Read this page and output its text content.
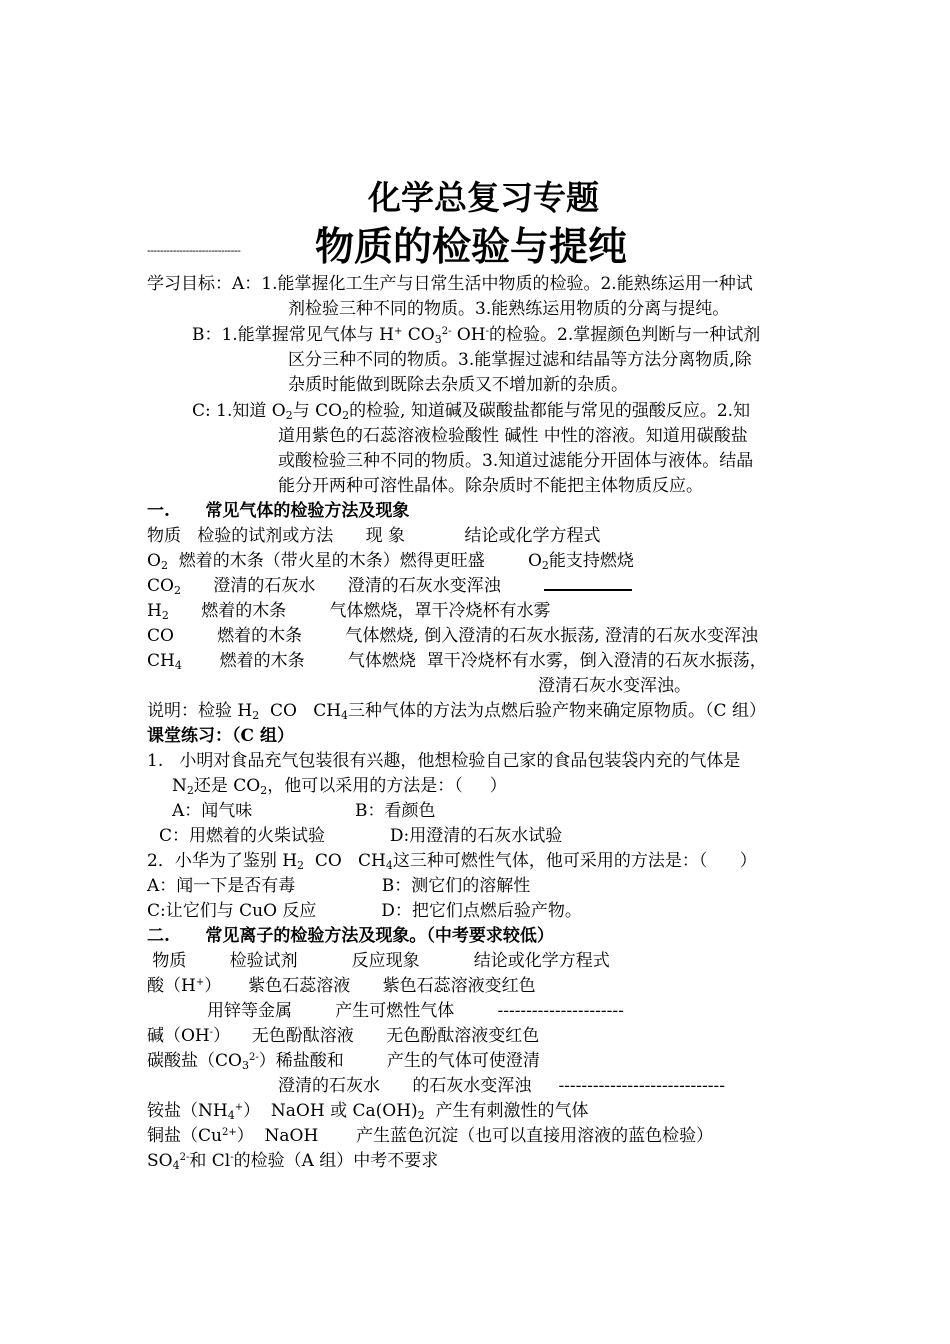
化学总复习专题
----------------------------- 物质的检验与提纯
学习目标：A：1.能掌握化工生产与日常生活中物质的检验。2.能熟练运用一种试
剂检验三种不同的物质。3.能熟练运用物质的分离与提纯。
B：1.能掌握常见气体与 H+ $CO_3^{2-}$ OH-的检验。2.掌握颜色判断与一种试剂
区分三种不同的物质。3.能掌握过滤和结晶等方法分离物质,除
杂质时能做到既除去杂质又不增加新的杂质。
C: 1.知道 $O_2$与 $CO_2$的检验, 知道碱及碳酸盐都能与常见的强酸反应。2.知
道用紫色的石蕊溶液检验酸性 碱性 中性的溶液。知道用碳酸盐
或酸检验三种不同的物质。3.知道过滤能分开固体与液体。结晶
能分开两种可溶性晶体。除杂质时不能把主体物质反应。
一.      常见气体的检验方法及现象
物质   检验的试剂或方法      现 象           结论或化学方程式
$O_2$  燃着的木条（带火星的木条）燃得更旺盛        $O_2$能支持燃烧
$CO_2$      澄清的石灰水      澄清的石灰水变浑浊
$H_2$      燃着的木条        气体燃烧，罩干冷烧杯有水雾
CO        燃着的木条        气体燃烧, 倒入澄清的石灰水振荡, 澄清的石灰水变浑浊
$CH_4$       燃着的木条        气体燃烧  罩干冷烧杯有水雾，倒入澄清的石灰水振荡，
澄清石灰水变浑浊。
说明：检验 $H_2$  CO   $CH_4$三种气体的方法为点燃后验产物来确定原物质。（C 组）
课堂练习：（C 组）
1.   小明对食品充气包装很有兴趣，他想检验自己家的食品包装袋内充的气体是
$N_2$还是 $CO_2$，他可以采用的方法是：（     ）
A：闻气味                   B：看颜色
C：用燃着的火柴试验            D:用澄清的石灰水试验
2．小华为了鉴别 $H_2$  CO   $CH_4$这三种可燃性气体，他可采用的方法是：（      ）
A：闻一下是否有毒                B：测它们的溶解性
C:让它们与 CuO 反应            D：把它们点燃后验产物。
二.      常见离子的检验方法及现象。（中考要求较低）
物质        检验试剂          反应现象          结论或化学方程式
酸（H+）     紫色石蕊溶液      紫色石蕊溶液变红色
用锌等金属        产生可燃性气体        ----------------------
碱（OH-）    无色酚酞溶液      无色酚酞溶液变红色
碳酸盐$(CO_3^{2-})$稀盐酸和        产生的气体可使澄清
澄清的石灰水      的石灰水变浑浊     -----------------------------
铵盐$(NH_4^+)$  NaOH 或 $Ca(OH)_2$  产生有刺激性的气体
铜盐$(Cu^{2+})$  NaOH       产生蓝色沉淀（也可以直接用溶液的蓝色检验）
$SO_4^{2-}$和 Cl-的检验（A 组）中考不要求
